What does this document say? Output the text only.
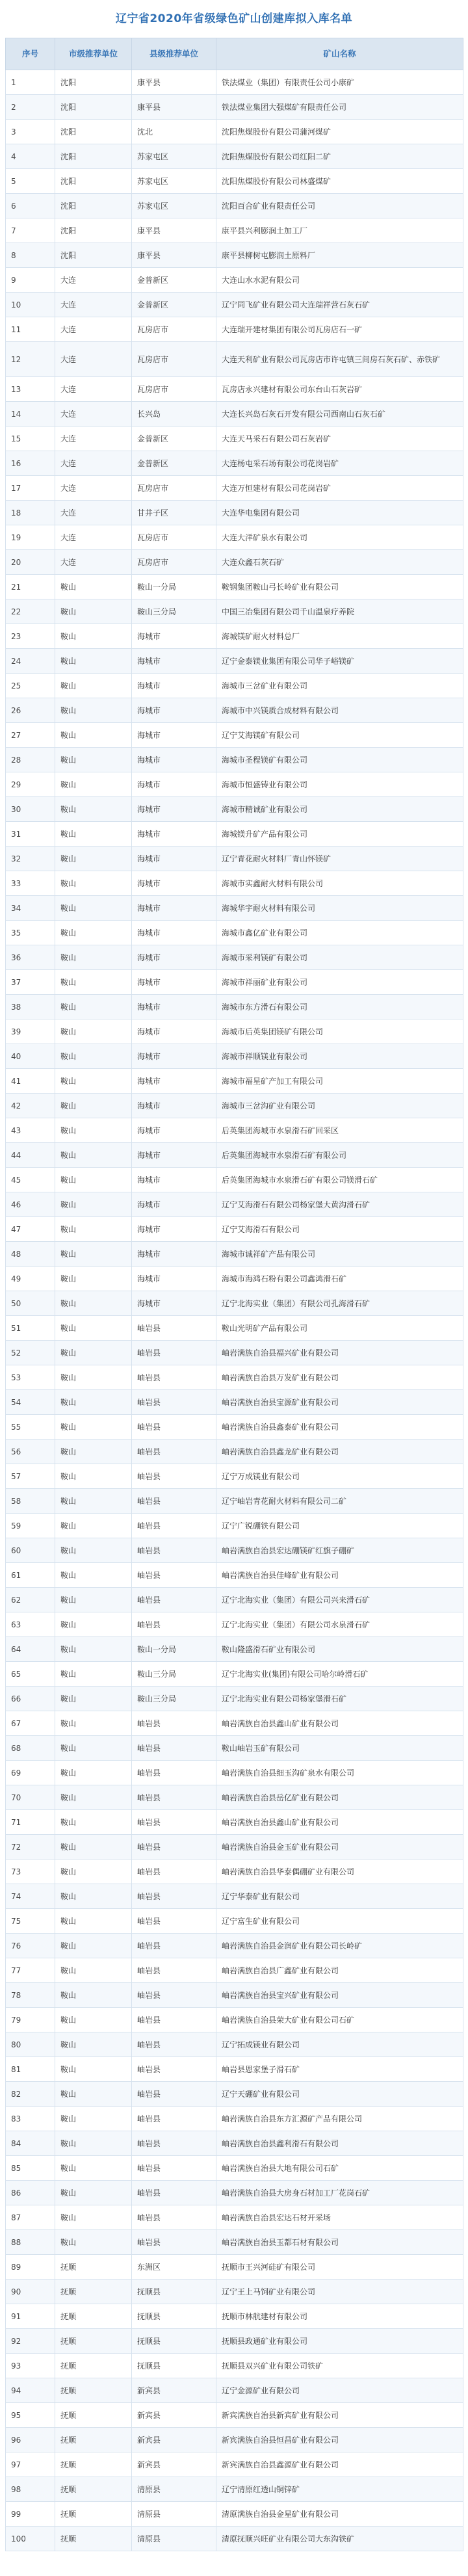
辽宁省2020年省级绿色矿山创建库拟入库名单
序号	市级推荐单位	县级推荐单位	矿山名称
1	沈阳	康平县	铁法煤业（集团）有限责任公司小康矿
2	沈阳	康平县	铁法煤业集团大强煤矿有限责任公司
3	沈阳	沈北	沈阳焦煤股份有限公司蒲河煤矿
4	沈阳	苏家屯区	沈阳焦煤股份有限公司红阳二矿
5	沈阳	苏家屯区	沈阳焦煤股份有限公司林盛煤矿
6	沈阳	苏家屯区	沈阳百合矿业有限责任公司
7	沈阳	康平县	康平县兴利膨润土加工厂
8	沈阳	康平县	康平县柳树屯膨润土原料厂
9	大连	金普新区	大连山水水泥有限公司
10	大连	金普新区	辽宁同飞矿业有限公司大连瑞祥营石灰石矿
11	大连	瓦房店市	大连瑞开建材集团有限公司瓦房店石一矿
12	大连	瓦房店市	大连天利矿业有限公司瓦房店市许屯镇三间房石灰石矿、赤铁矿
13	大连	瓦房店市	瓦房店永兴建材有限公司东台山石灰岩矿
14	大连	长兴岛	大连长兴岛石灰石开发有限公司西南山石灰石矿
15	大连	金普新区	大连天马采石有限公司石灰岩矿
16	大连	金普新区	大连杨屯采石场有限公司花岗岩矿
17	大连	瓦房店市	大连万恒建材有限公司花岗岩矿
18	大连	甘井子区	大连华电集团有限公司
19	大连	瓦房店市	大连大洋矿泉水有限公司
20	大连	瓦房店市	大连众鑫石灰石矿
21	鞍山	鞍山一分局	鞍钢集团鞍山弓长岭矿业有限公司
22	鞍山	鞍山三分局	中国三冶集团有限公司千山温泉疗养院
23	鞍山	海城市	海城镁矿耐火材料总厂
24	鞍山	海城市	辽宁金泰镁业集团有限公司华子峪镁矿
25	鞍山	海城市	海城市三岔矿业有限公司
26	鞍山	海城市	海城市中兴镁质合成材料有限公司
27	鞍山	海城市	辽宁艾海镁矿有限公司
28	鞍山	海城市	海城市圣程镁矿有限公司
29	鞍山	海城市	海城市恒盛铸业有限公司
30	鞍山	海城市	海城市精诚矿业有限公司
31	鞍山	海城市	海城镁升矿产品有限公司
32	鞍山	海城市	辽宁青花耐火材料厂青山怀镁矿
33	鞍山	海城市	海城市实鑫耐火材料有限公司
34	鞍山	海城市	海城华宇耐火材料有限公司
35	鞍山	海城市	海城市鑫亿矿业有限公司
36	鞍山	海城市	海城市采利镁矿有限公司
37	鞍山	海城市	海城市祥丽矿业有限公司
38	鞍山	海城市	海城市东方滑石有限公司
39	鞍山	海城市	海城市后英集团镁矿有限公司
40	鞍山	海城市	海城市祥顺镁业有限公司
41	鞍山	海城市	海城市福星矿产加工有限公司
42	鞍山	海城市	海城市三岔沟矿业有限公司
43	鞍山	海城市	后英集团海城市水泉滑石矿回采区
44	鞍山	海城市	后英集团海城市水泉滑石矿有限公司
45	鞍山	海城市	后英集团海城市水泉滑石矿有限公司镁滑石矿
46	鞍山	海城市	辽宁艾海滑石有限公司杨家堡大黄沟滑石矿
47	鞍山	海城市	辽宁艾海滑石有限公司
48	鞍山	海城市	海城市诚祥矿产品有限公司
49	鞍山	海城市	海城市海鸿石粉有限公司鑫鸿滑石矿
50	鞍山	海城市	辽宁北海实业（集团）有限公司孔海滑石矿
51	鞍山	岫岩县	鞍山光明矿产品有限公司
52	鞍山	岫岩县	岫岩满族自治县福兴矿业有限公司
53	鞍山	岫岩县	岫岩满族自治县万发矿业有限公司
54	鞍山	岫岩县	岫岩满族自治县宝源矿业有限公司
55	鞍山	岫岩县	岫岩满族自治县鑫泰矿业有限公司
56	鞍山	岫岩县	岫岩满族自治县鑫龙矿业有限公司
57	鞍山	岫岩县	辽宁万成镁业有限公司
58	鞍山	岫岩县	辽宁岫岩青花耐火材料有限公司二矿
59	鞍山	岫岩县	辽宁广锐硼铁有限公司
60	鞍山	岫岩县	岫岩满族自治县宏达硼镁矿红旗子硼矿
61	鞍山	岫岩县	岫岩满族自治县佳峰矿业有限公司
62	鞍山	岫岩县	辽宁北海实业（集团）有限公司兴来滑石矿
63	鞍山	岫岩县	辽宁北海实业（集团）有限公司水泉滑石矿
64	鞍山	鞍山一分局	鞍山隆盛滑石矿业有限公司
65	鞍山	鞍山三分局	辽宁北海实业(集团)有限公司哈尔岭滑石矿
66	鞍山	鞍山三分局	辽宁北海实业有限公司杨家堡滑石矿
67	鞍山	岫岩县	岫岩满族自治县鑫山矿业有限公司
68	鞍山	岫岩县	鞍山岫岩玉矿有限公司
69	鞍山	岫岩县	岫岩满族自治县细玉沟矿泉水有限公司
70	鞍山	岫岩县	岫岩满族自治县岳亿矿业有限公司
71	鞍山	岫岩县	岫岩满族自治县鑫山矿业有限公司
72	鞍山	岫岩县	岫岩满族自治县金玉矿业有限公司
73	鞍山	岫岩县	岫岩满族自治县华泰偶硼矿业有限公司
74	鞍山	岫岩县	辽宁华泰矿业有限公司
75	鞍山	岫岩县	辽宁富生矿业有限公司
76	鞍山	岫岩县	岫岩满族自治县金润矿业有限公司长岭矿
77	鞍山	岫岩县	岫岩满族自治县广鑫矿业有限公司
78	鞍山	岫岩县	岫岩满族自治县宝兴矿业有限公司
79	鞍山	岫岩县	岫岩满族自治县荣大矿业有限公司石矿
80	鞍山	岫岩县	辽宁拓成镁业有限公司
81	鞍山	岫岩县	岫岩县恩家堡子滑石矿
82	鞍山	岫岩县	辽宁天硼矿业有限公司
83	鞍山	岫岩县	岫岩满族自治县东方汇源矿产品有限公司
84	鞍山	岫岩县	岫岩满族自治县鑫利滑石有限公司
85	鞍山	岫岩县	岫岩满族自治县大地有限公司石矿
86	鞍山	岫岩县	岫岩满族自治县大房身石材加工厂花岗石矿
87	鞍山	岫岩县	岫岩满族自治县宏达石材开采场
88	鞍山	岫岩县	岫岩满族自治县玉都石材有限公司
89	抚顺	东洲区	抚顺市王兴河硅矿有限公司
90	抚顺	抚顺县	辽宁王上马饲矿业有限公司
91	抚顺	抚顺县	抚顺市林航建材有限公司
92	抚顺	抚顺县	抚顺县政通矿业有限公司
93	抚顺	抚顺县	抚顺县双兴矿业有限公司铁矿
94	抚顺	新宾县	辽宁金源矿业有限公司
95	抚顺	新宾县	新宾满族自治县新宾矿业有限公司
96	抚顺	新宾县	新宾满族自治县恒昌矿业有限公司
97	抚顺	新宾县	新宾满族自治县鑫源矿业有限公司
98	抚顺	清原县	辽宁清原红透山铜锌矿
99	抚顺	清原县	清原满族自治县金星矿业有限公司
100	抚顺	清原县	清原抚顺兴旺矿业有限公司大东沟铁矿
